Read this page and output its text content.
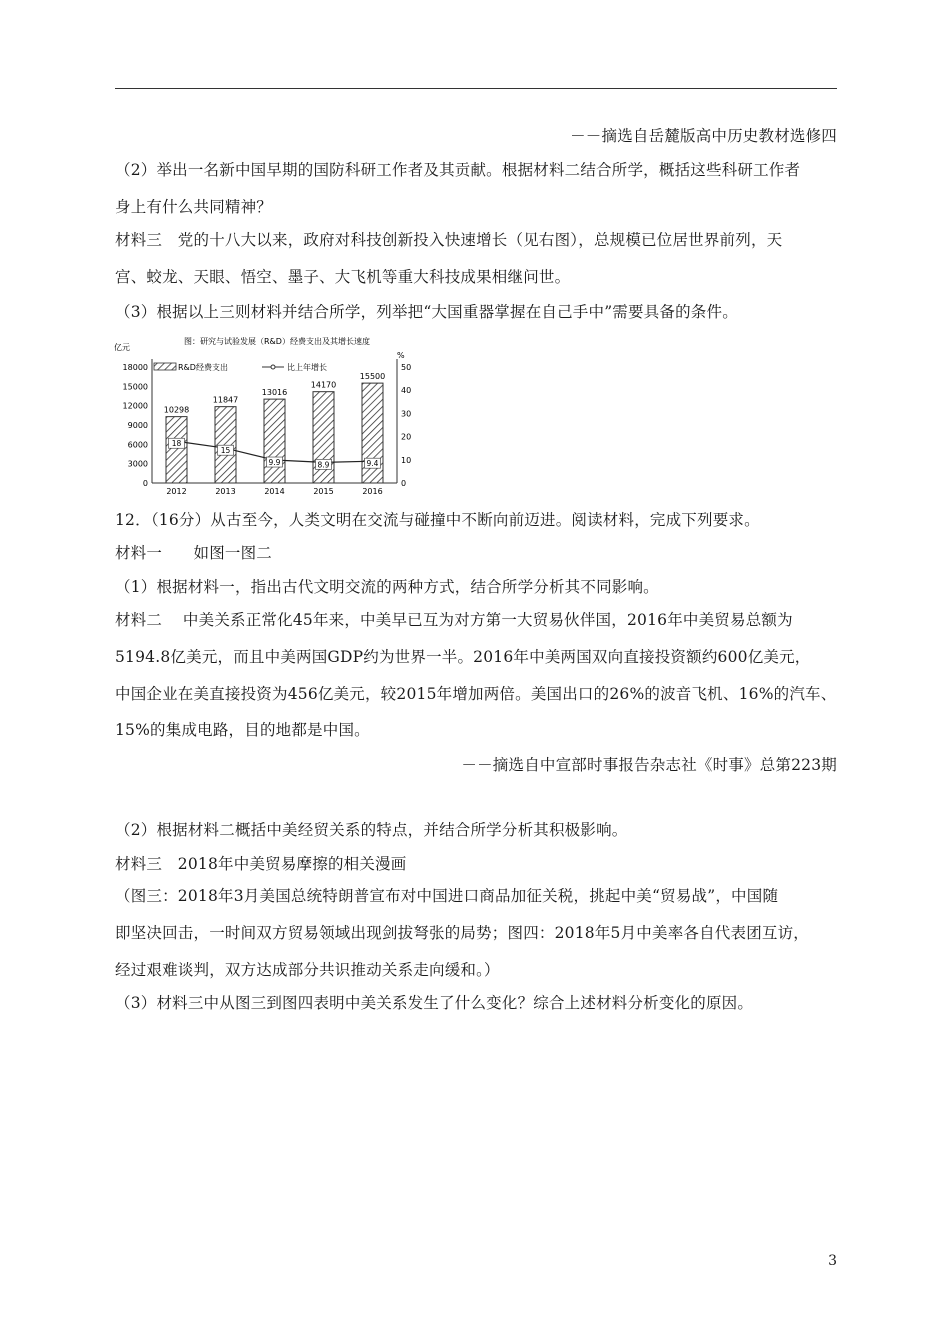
－－摘选自岳麓版高中历史教材选修四
（2）举出一名新中国早期的国防科研工作者及其贡献。根据材料二结合所学，概括这些科研工作者
身上有什么共同精神？
材料三　党的十八大以来，政府对科技创新投入快速增长（见右图），总规模已位居世界前列，天
宫、蛟龙、天眼、悟空、墨子、大飞机等重大科技成果相继问世。
（3）根据以上三则材料并结合所学，列举把“大国重器掌握在自己手中”需要具备的条件。
图：研究与试验发展（R&D）经费支出及其增长速度
亿元
%
R&D经费支出	比上年增长
0
3000
6000
9000
12000
15000
18000
0
10
20
30
40
50
10298
2012
11847
2013
13016
2014
14170
2015
15500
2016
18
15
9.9	8.9	9.4
12．（16分）从古至今，人类文明在交流与碰撞中不断向前迈进。阅读材料，完成下列要求。
材料一　　如图一图二
（1）根据材料一，指出古代文明交流的两种方式，结合所学分析其不同影响。
材料二　 中美关系正常化45年来，中美早已互为对方第一大贸易伙伴国，2016年中美贸易总额为
5194.8亿美元，而且中美两国GDP约为世界一半。2016年中美两国双向直接投资额约600亿美元，
中国企业在美直接投资为456亿美元，较2015年增加两倍。美国出口的26%的波音飞机、16%的汽车、
15%的集成电路，目的地都是中国。
－－摘选自中宣部时事报告杂志社《时事》总第223期
（2）根据材料二概括中美经贸关系的特点，并结合所学分析其积极影响。
材料三　2018年中美贸易摩擦的相关漫画
（图三：2018年3月美国总统特朗普宣布对中国进口商品加征关税，挑起中美“贸易战”，中国随
即坚决回击，一时间双方贸易领域出现剑拔弩张的局势；图四：2018年5月中美率各自代表团互访，
经过艰难谈判，双方达成部分共识推动关系走向缓和。）
（3）材料三中从图三到图四表明中美关系发生了什么变化？综合上述材料分析变化的原因。
3
